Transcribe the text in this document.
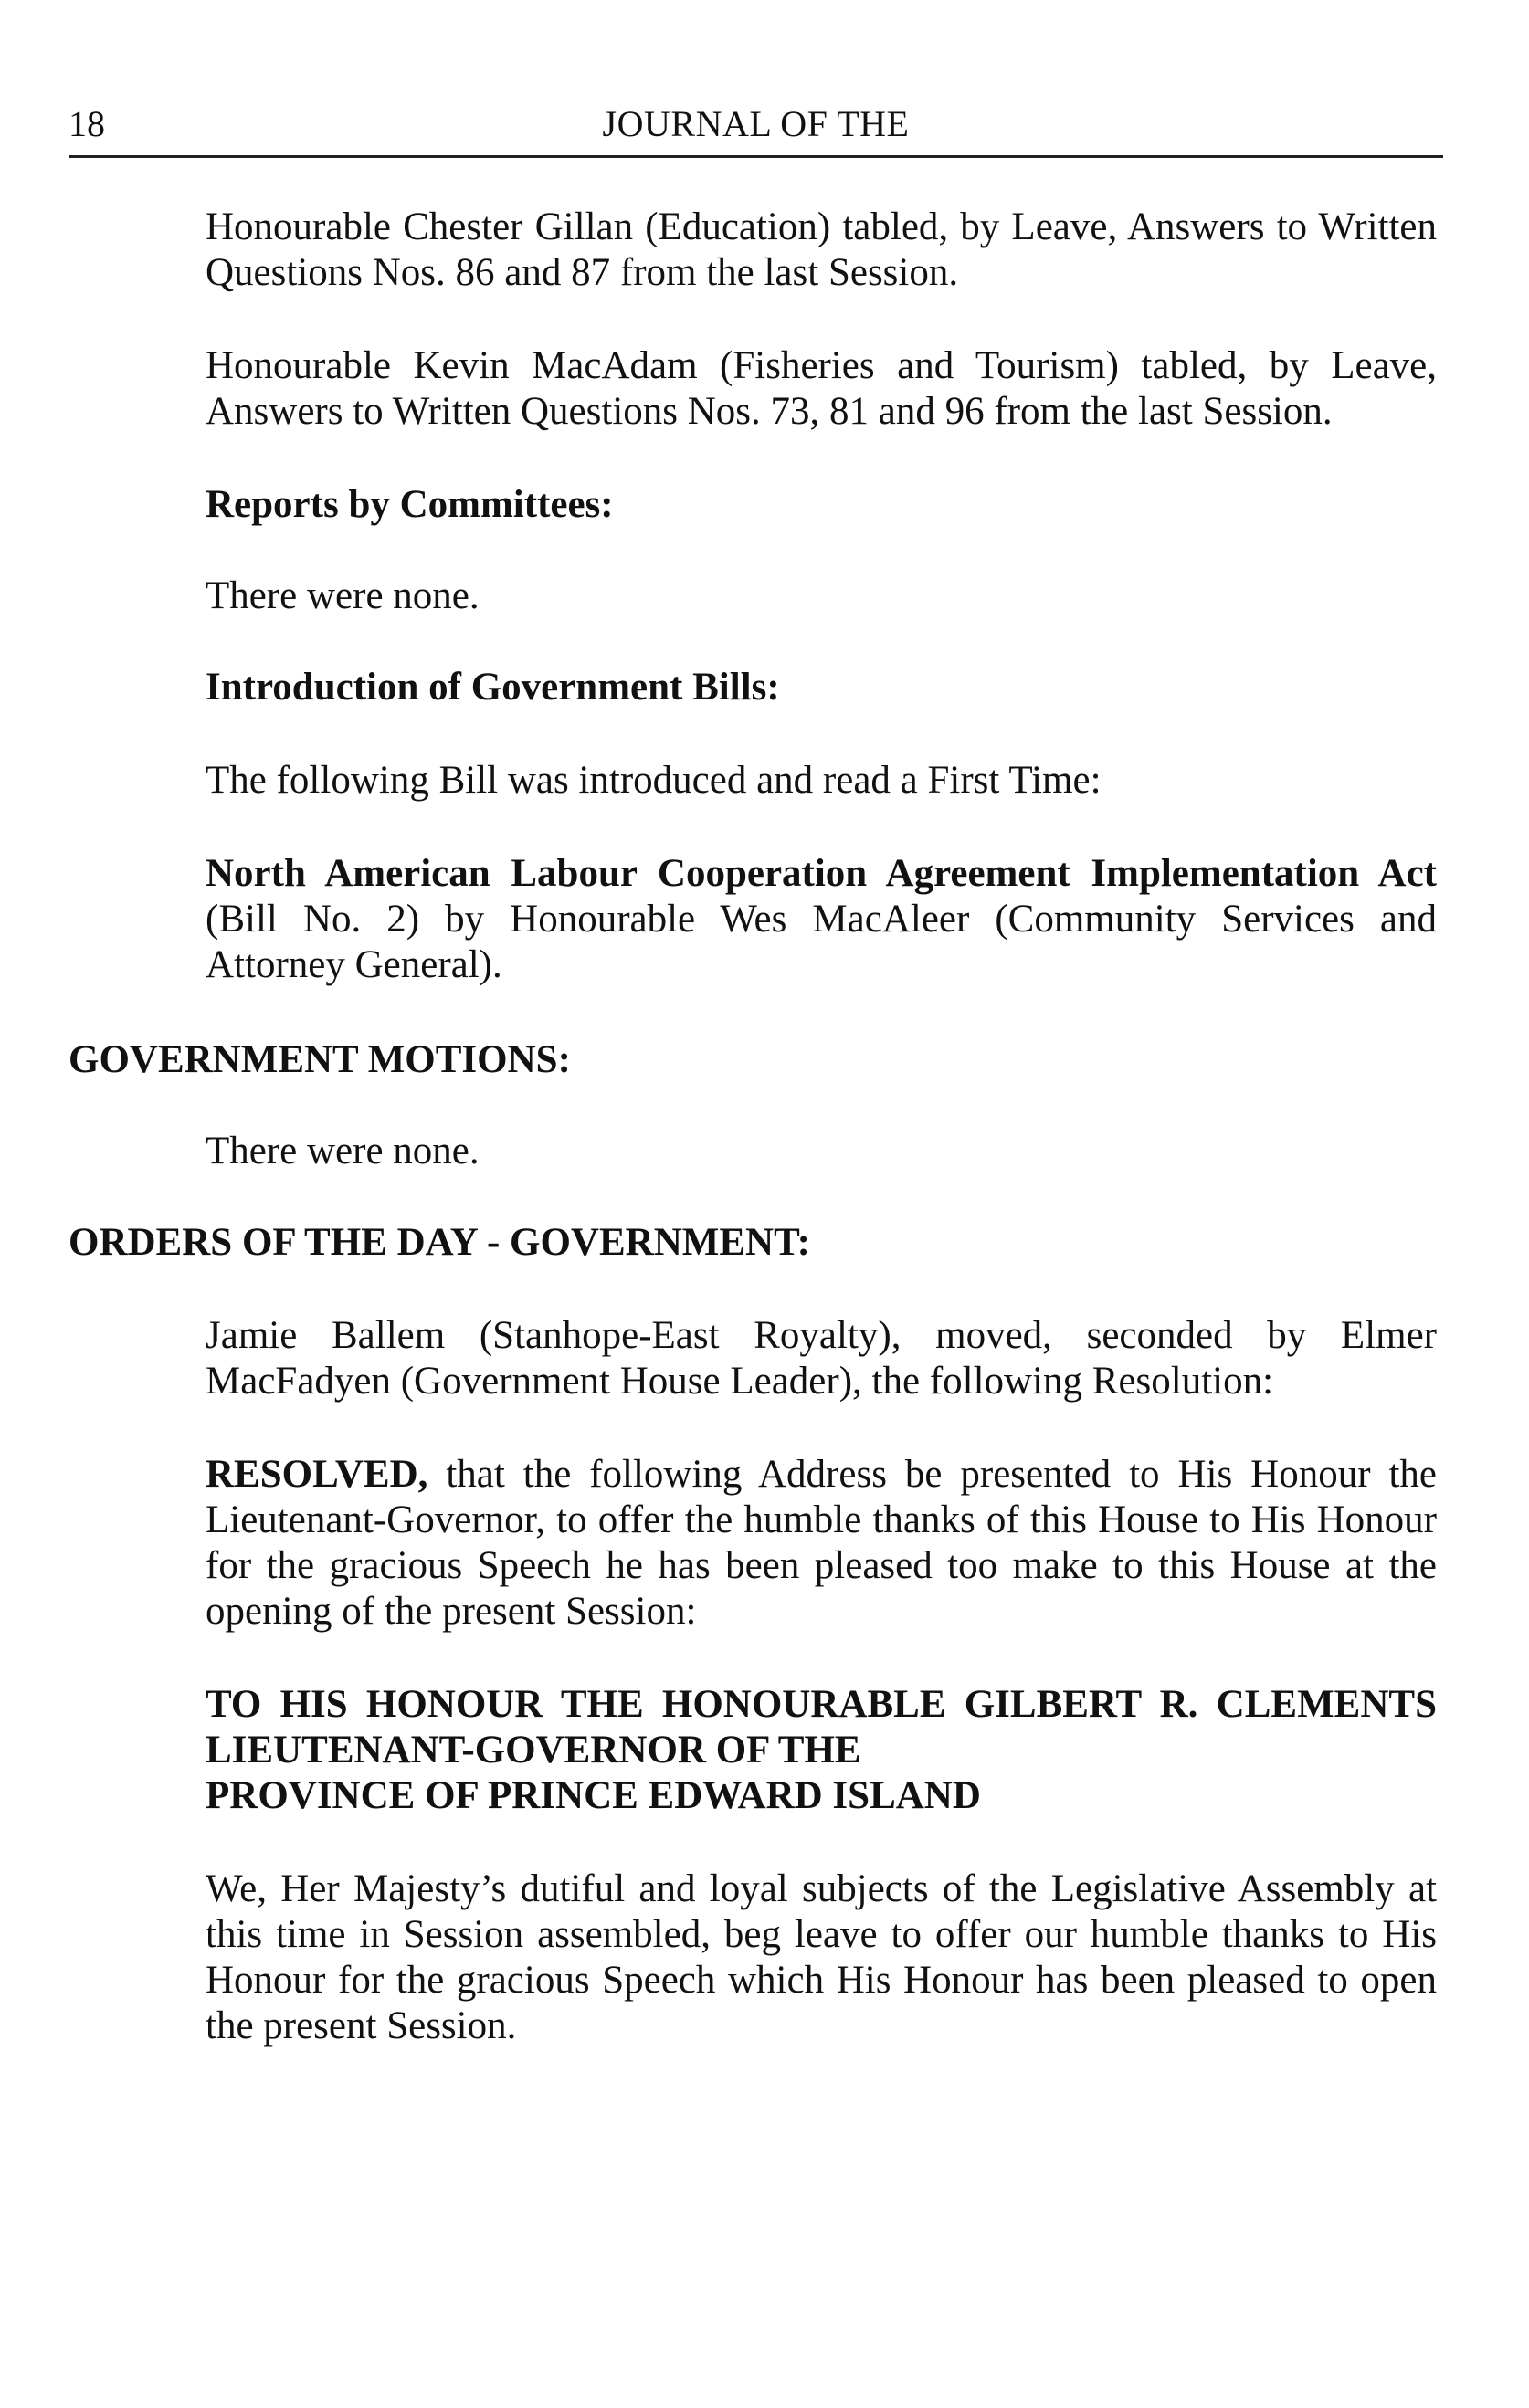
18	JOURNAL OF THE

Honourable Chester Gillan (Education) tabled, by Leave, Answers to Written Questions Nos. 86 and 87 from the last Session.

Honourable Kevin MacAdam (Fisheries and Tourism) tabled, by Leave, Answers to Written Questions Nos. 73, 81 and 96 from the last Session.

Reports by Committees:

There were none.

Introduction of Government Bills:

The following Bill was introduced and read a First Time:

North American Labour Cooperation Agreement Implementation Act (Bill No. 2) by Honourable Wes MacAleer (Community Services and Attorney General).

GOVERNMENT MOTIONS:

There were none.

ORDERS OF THE DAY - GOVERNMENT:

Jamie Ballem (Stanhope-East Royalty), moved, seconded by Elmer MacFadyen (Government House Leader), the following Resolution:

RESOLVED, that the following Address be presented to His Honour the Lieutenant-Governor, to offer the humble thanks of this House to His Honour for the gracious Speech he has been pleased too make to this House at the opening of the present Session:

TO HIS HONOUR THE HONOURABLE GILBERT R. CLEMENTS
LIEUTENANT-GOVERNOR OF THE
PROVINCE OF PRINCE EDWARD ISLAND

We, Her Majesty’s dutiful and loyal subjects of the Legislative Assembly at this time in Session assembled, beg leave to offer our humble thanks to His Honour for the gracious Speech which His Honour has been pleased to open the present Session.
